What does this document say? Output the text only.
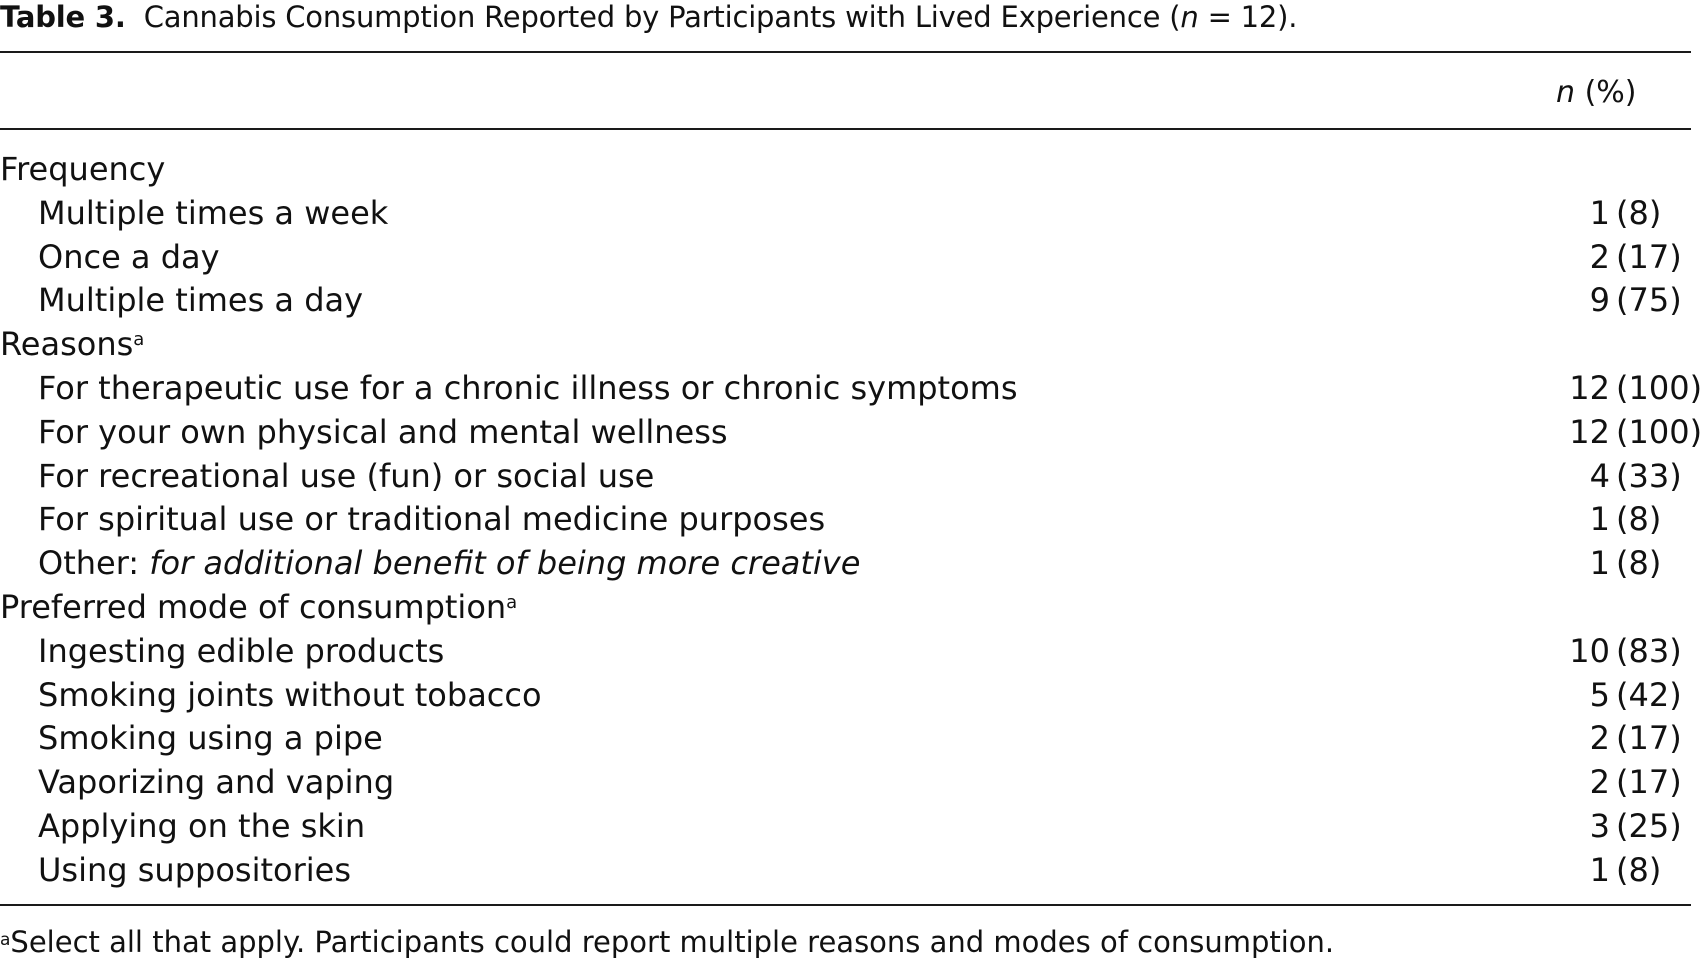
Table 3. Cannabis Consumption Reported by Participants with Lived Experience (n = 12).
n (%)
Frequency
Multiple times a week	1 (8)
Once a day	2 (17)
Multiple times a day	9 (75)
Reasons$^a$
For therapeutic use for a chronic illness or chronic symptoms	12 (100)
For your own physical and mental wellness	12 (100)
For recreational use (fun) or social use	4 (33)
For spiritual use or traditional medicine purposes	1 (8)
Other: for additional benefit of being more creative	1 (8)
Preferred mode of consumption$^a$
Ingesting edible products	10 (83)
Smoking joints without tobacco	5 (42)
Smoking using a pipe	2 (17)
Vaporizing and vaping	2 (17)
Applying on the skin	3 (25)
Using suppositories	1 (8)
$^a$Select all that apply. Participants could report multiple reasons and modes of consumption.
